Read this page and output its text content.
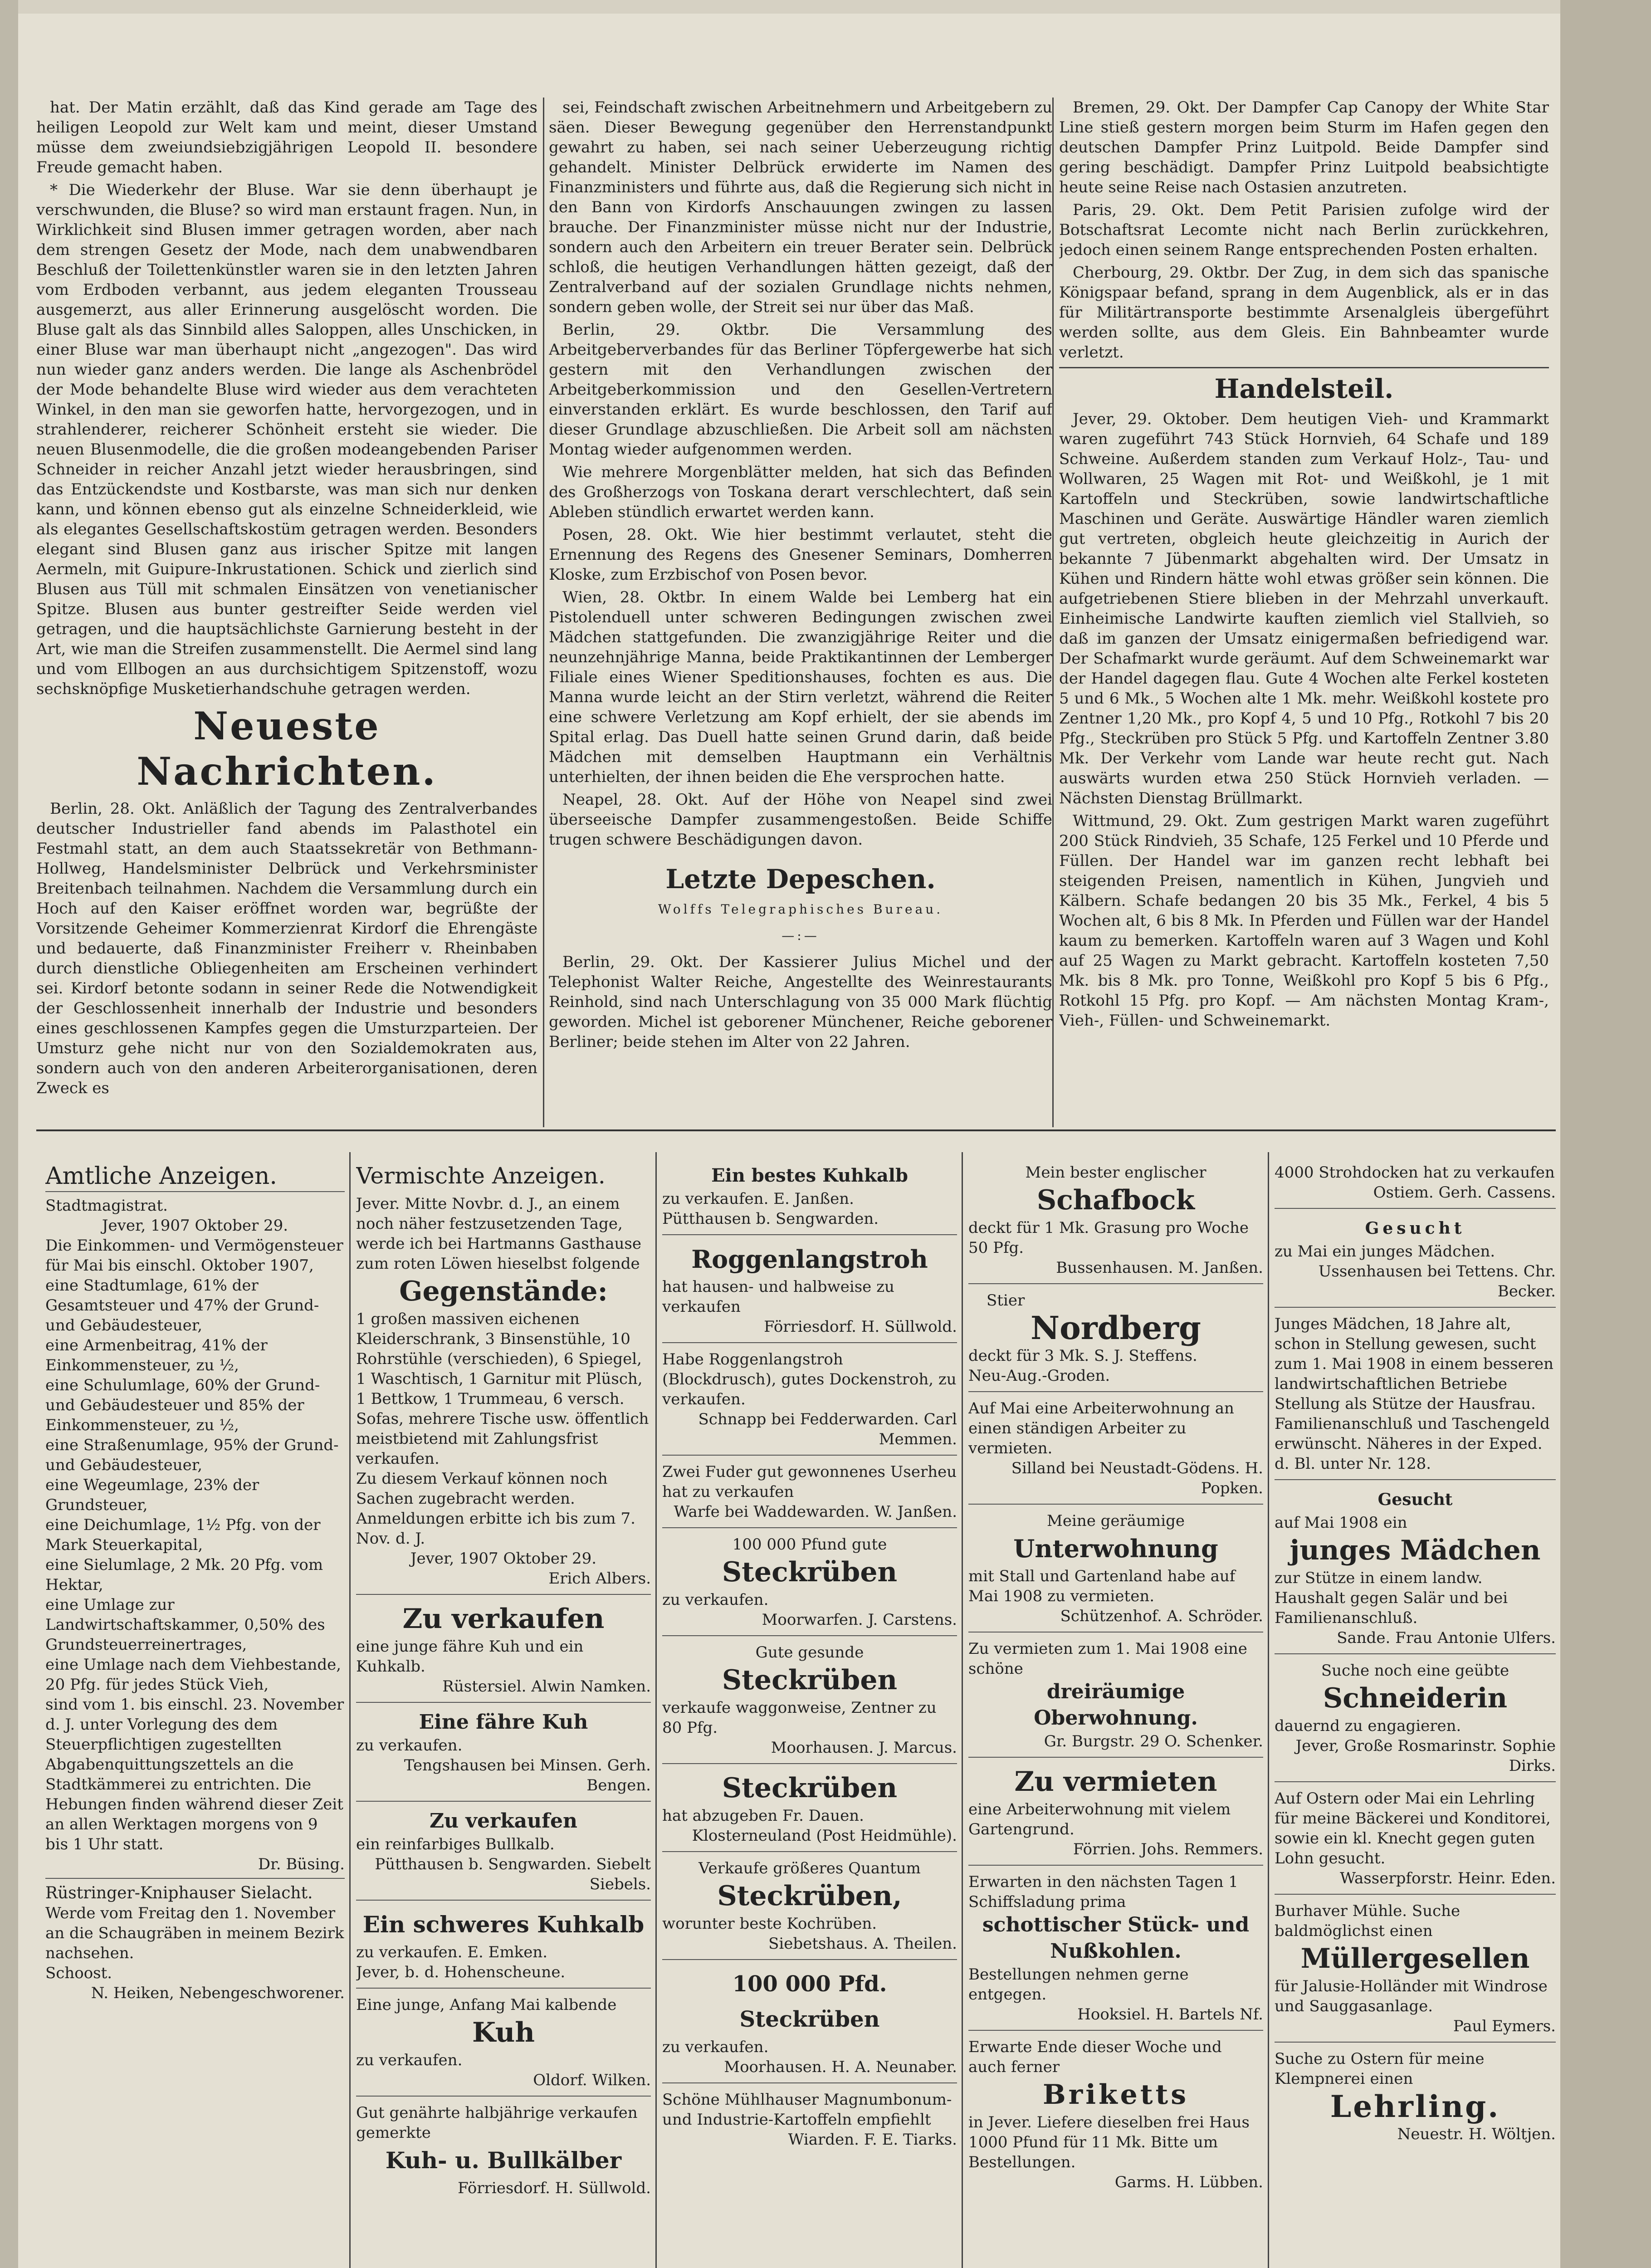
hat. Der Matin erzählt, daß das Kind gerade am Tage des heiligen Leopold zur Welt kam und meint, dieser Umstand müsse dem zweiundsiebzigjährigen Leopold II. besondere Freude gemacht haben.

* Die Wiederkehr der Bluse. War sie denn überhaupt je verschwunden, die Bluse? so wird man erstaunt fragen. Nun, in Wirklichkeit sind Blusen immer getragen worden, aber nach dem strengen Gesetz der Mode, nach dem unabwendbaren Beschluß der Toilettenkünstler waren sie in den letzten Jahren vom Erdboden verbannt, aus jedem eleganten Trousseau ausgemerzt, aus aller Erinnerung ausgelöscht worden. Die Bluse galt als das Sinnbild alles Saloppen, alles Unschicken, in einer Bluse war man überhaupt nicht „angezogen". Das wird nun wieder ganz anders werden. Die lange als Aschenbrödel der Mode behandelte Bluse wird wieder aus dem verachteten Winkel, in den man sie geworfen hatte, hervorgezogen, und in strahlenderer, reicherer Schönheit ersteht sie wieder. Die neuen Blusenmodelle, die die großen modeangebenden Pariser Schneider in reicher Anzahl jetzt wieder herausbringen, sind das Entzückendste und Kostbarste, was man sich nur denken kann, und können ebenso gut als einzelne Schneiderkleid, wie als elegantes Gesellschaftskostüm getragen werden. Besonders elegant sind Blusen ganz aus irischer Spitze mit langen Aermeln, mit Guipure-Inkrustationen. Schick und zierlich sind Blusen aus Tüll mit schmalen Einsätzen von venetianischer Spitze. Blusen aus bunter gestreifter Seide werden viel getragen, und die hauptsächlichste Garnierung besteht in der Art, wie man die Streifen zusammenstellt. Die Aermel sind lang und vom Ellbogen an aus durchsichtigem Spitzenstoff, wozu sechsknöpfige Musketierhandschuhe getragen werden.

Neueste Nachrichten.

Berlin, 28. Okt. Anläßlich der Tagung des Zentralverbandes deutscher Industrieller fand abends im Palasthotel ein Festmahl statt, an dem auch Staatssekretär von Bethmann-Hollweg, Handelsminister Delbrück und Verkehrsminister Breitenbach teilnahmen. Nachdem die Versammlung durch ein Hoch auf den Kaiser eröffnet worden war, begrüßte der Vorsitzende Geheimer Kommerzienrat Kirdorf die Ehrengäste und bedauerte, daß Finanzminister Freiherr v. Rheinbaben durch dienstliche Obliegenheiten am Erscheinen verhindert sei. Kirdorf betonte sodann in seiner Rede die Notwendigkeit der Geschlossenheit innerhalb der Industrie und besonders eines geschlossenen Kampfes gegen die Umsturzparteien. Der Umsturz gehe nicht nur von den Sozialdemokraten aus, sondern auch von den anderen Arbeiterorganisationen, deren Zweck es

sei, Feindschaft zwischen Arbeitnehmern und Arbeitgebern zu säen. Dieser Bewegung gegenüber den Herrenstandpunkt gewahrt zu haben, sei nach seiner Ueberzeugung richtig gehandelt. Minister Delbrück erwiderte im Namen des Finanzministers und führte aus, daß die Regierung sich nicht in den Bann von Kirdorfs Anschauungen zwingen zu lassen brauche. Der Finanzminister müsse nicht nur der Industrie, sondern auch den Arbeitern ein treuer Berater sein. Delbrück schloß, die heutigen Verhandlungen hätten gezeigt, daß der Zentralverband auf der sozialen Grundlage nichts nehmen, sondern geben wolle, der Streit sei nur über das Maß.

Berlin, 29. Oktbr. Die Versammlung des Arbeitgeberverbandes für das Berliner Töpfergewerbe hat sich gestern mit den Verhandlungen zwischen der Arbeitgeberkommission und den Gesellen-Vertretern einverstanden erklärt. Es wurde beschlossen, den Tarif auf dieser Grundlage abzuschließen. Die Arbeit soll am nächsten Montag wieder aufgenommen werden.

Wie mehrere Morgenblätter melden, hat sich das Befinden des Großherzogs von Toskana derart verschlechtert, daß sein Ableben stündlich erwartet werden kann.

Posen, 28. Okt. Wie hier bestimmt verlautet, steht die Ernennung des Regens des Gnesener Seminars, Domherren Kloske, zum Erzbischof von Posen bevor.

Wien, 28. Oktbr. In einem Walde bei Lemberg hat ein Pistolenduell unter schweren Bedingungen zwischen zwei Mädchen stattgefunden. Die zwanzigjährige Reiter und die neunzehnjährige Manna, beide Praktikantinnen der Lemberger Filiale eines Wiener Speditionshauses, fochten es aus. Die Manna wurde leicht an der Stirn verletzt, während die Reiter eine schwere Verletzung am Kopf erhielt, der sie abends im Spital erlag. Das Duell hatte seinen Grund darin, daß beide Mädchen mit demselben Hauptmann ein Verhältnis unterhielten, der ihnen beiden die Ehe versprochen hatte.

Neapel, 28. Okt. Auf der Höhe von Neapel sind zwei überseeische Dampfer zusammengestoßen. Beide Schiffe trugen schwere Beschädigungen davon.

Letzte Depeschen.
Wolffs Telegraphisches Bureau.
—:—

Berlin, 29. Okt. Der Kassierer Julius Michel und der Telephonist Walter Reiche, Angestellte des Weinrestaurants Reinhold, sind nach Unterschlagung von 35 000 Mark flüchtig geworden. Michel ist geborener Münchener, Reiche geborener Berliner; beide stehen im Alter von 22 Jahren.

Bremen, 29. Okt. Der Dampfer Cap Canopy der White Star Line stieß gestern morgen beim Sturm im Hafen gegen den deutschen Dampfer Prinz Luitpold. Beide Dampfer sind gering beschädigt. Dampfer Prinz Luitpold beabsichtigte heute seine Reise nach Ostasien anzutreten.

Paris, 29. Okt. Dem Petit Parisien zufolge wird der Botschaftsrat Lecomte nicht nach Berlin zurückkehren, jedoch einen seinem Range entsprechenden Posten erhalten.

Cherbourg, 29. Oktbr. Der Zug, in dem sich das spanische Königspaar befand, sprang in dem Augenblick, als er in das für Militärtransporte bestimmte Arsenalgleis übergeführt werden sollte, aus dem Gleis. Ein Bahnbeamter wurde verletzt.

Handelsteil.

Jever, 29. Oktober. Dem heutigen Vieh- und Krammarkt waren zugeführt 743 Stück Hornvieh, 64 Schafe und 189 Schweine. Außerdem standen zum Verkauf Holz-, Tau- und Wollwaren, 25 Wagen mit Rot- und Weißkohl, je 1 mit Kartoffeln und Steckrüben, sowie landwirtschaftliche Maschinen und Geräte. Auswärtige Händler waren ziemlich gut vertreten, obgleich heute gleichzeitig in Aurich der bekannte 7 Jübenmarkt abgehalten wird. Der Umsatz in Kühen und Rindern hätte wohl etwas größer sein können. Die aufgetriebenen Stiere blieben in der Mehrzahl unverkauft. Einheimische Landwirte kauften ziemlich viel Stallvieh, so daß im ganzen der Umsatz einigermaßen befriedigend war. Der Schafmarkt wurde geräumt. Auf dem Schweinemarkt war der Handel dagegen flau. Gute 4 Wochen alte Ferkel kosteten 5 und 6 Mk., 5 Wochen alte 1 Mk. mehr. Weißkohl kostete pro Zentner 1,20 Mk., pro Kopf 4, 5 und 10 Pfg., Rotkohl 7 bis 20 Pfg., Steckrüben pro Stück 5 Pfg. und Kartoffeln Zentner 3.80 Mk. Der Verkehr vom Lande war heute recht gut. Nach auswärts wurden etwa 250 Stück Hornvieh verladen. — Nächsten Dienstag Brüllmarkt.

Wittmund, 29. Okt. Zum gestrigen Markt waren zugeführt 200 Stück Rindvieh, 35 Schafe, 125 Ferkel und 10 Pferde und Füllen. Der Handel war im ganzen recht lebhaft bei steigenden Preisen, namentlich in Kühen, Jungvieh und Kälbern. Schafe bedangen 20 bis 35 Mk., Ferkel, 4 bis 5 Wochen alt, 6 bis 8 Mk. In Pferden und Füllen war der Handel kaum zu bemerken. Kartoffeln waren auf 3 Wagen und Kohl auf 25 Wagen zu Markt gebracht. Kartoffeln kosteten 7,50 Mk. bis 8 Mk. pro Tonne, Weißkohl pro Kopf 5 bis 6 Pfg., Rotkohl 15 Pfg. pro Kopf. — Am nächsten Montag Kram-, Vieh-, Füllen- und Schweinemarkt.

Amtliche Anzeigen.
Stadtmagistrat.
Jever, 1907 Oktober 29.
Die Einkommen- und Vermögensteuer für Mai bis einschl. Oktober 1907,
eine Stadtumlage, 61% der Gesamtsteuer und 47% der Grund- und Gebäudesteuer,
eine Armenbeitrag, 41% der Einkommensteuer, zu ½,
eine Schulumlage, 60% der Grund- und Gebäudesteuer und 85% der Einkommensteuer, zu ½,
eine Straßenumlage, 95% der Grund- und Gebäudesteuer,
eine Wegeumlage, 23% der Grundsteuer,
eine Deichumlage, 1½ Pfg. von der Mark Steuerkapital,
eine Sielumlage, 2 Mk. 20 Pfg. vom Hektar,
eine Umlage zur Landwirtschaftskammer, 0,50% des Grundsteuerreinertrages,
eine Umlage nach dem Viehbestande, 20 Pfg. für jedes Stück Vieh,
sind vom 1. bis einschl. 23. November d. J. unter Vorlegung des dem Steuerpflichtigen zugestellten Abgabenquittungszettels an die Stadtkämmerei zu entrichten. Die Hebungen finden während dieser Zeit an allen Werktagen morgens von 9 bis 1 Uhr statt.
Dr. Büsing.
Rüstringer-Kniphauser Sielacht.
Werde vom Freitag den 1. November an die Schaugräben in meinem Bezirk nachsehen.
Schoost.
N. Heiken, Nebengeschworener.
Vermischte Anzeigen.
Jever. Mitte Novbr. d. J., an einem noch näher festzusetzenden Tage, werde ich bei Hartmanns Gasthause zum roten Löwen hieselbst folgende
Gegenstände:
1 großen massiven eichenen Kleiderschrank, 3 Binsenstühle, 10 Rohrstühle (verschieden), 6 Spiegel, 1 Waschtisch, 1 Garnitur mit Plüsch, 1 Bettkow, 1 Trummeau, 6 versch. Sofas, mehrere Tische usw. öffentlich meistbietend mit Zahlungsfrist verkaufen.
Zu diesem Verkauf können noch Sachen zugebracht werden. Anmeldungen erbitte ich bis zum 7. Nov. d. J.
Jever, 1907 Oktober 29.
Erich Albers.
Zu verkaufen
eine junge fähre Kuh und ein Kuhkalb.
Rüstersiel. Alwin Namken.
Eine fähre Kuh
zu verkaufen.
Tengshausen bei Minsen. Gerh. Bengen.
Zu verkaufen
ein reinfarbiges Bullkalb.
Pütthausen b. Sengwarden. Siebelt Siebels.
Ein schweres Kuhkalb
zu verkaufen. E. Emken.
Jever, b. d. Hohenscheune.
Eine junge, Anfang Mai kalbende
Kuh
zu verkaufen.
Oldorf. Wilken.
Gut genährte halbjährige verkaufen gemerkte
Kuh- u. Bullkälber
Förriesdorf. H. Süllwold.
Ein bestes Kuhkalb
zu verkaufen. E. Janßen.
Pütthausen b. Sengwarden.
Roggenlangstroh
hat hausen- und halbweise zu verkaufen
Förriesdorf. H. Süllwold.
Habe Roggenlangstroh (Blockdrusch), gutes Dockenstroh, zu verkaufen.
Schnapp bei Fedderwarden. Carl Memmen.
Zwei Fuder gut gewonnenes Userheu hat zu verkaufen
Warfe bei Waddewarden. W. Janßen.
100 000 Pfund gute
Steckrüben
zu verkaufen.
Moorwarfen. J. Carstens.
Gute gesunde
Steckrüben
verkaufe waggonweise, Zentner zu 80 Pfg.
Moorhausen. J. Marcus.
Steckrüben
hat abzugeben Fr. Dauen.
Klosterneuland (Post Heidmühle).
Verkaufe größeres Quantum
Steckrüben,
worunter beste Kochrüben.
Siebetshaus. A. Theilen.
100 000 Pfd. Steckrüben
zu verkaufen.
Moorhausen. H. A. Neunaber.
Schöne Mühlhauser Magnumbonum- und Industrie-Kartoffeln empfiehlt
Wiarden. F. E. Tiarks.
Mein bester englischer
Schafbock
deckt für 1 Mk. Grasung pro Woche 50 Pfg.
Bussenhausen. M. Janßen.
Stier
Nordberg
deckt für 3 Mk. S. J. Steffens.
Neu-Aug.-Groden.
Auf Mai eine Arbeiterwohnung an einen ständigen Arbeiter zu vermieten.
Silland bei Neustadt-Gödens. H. Popken.
Meine geräumige
Unterwohnung
mit Stall und Gartenland habe auf Mai 1908 zu vermieten.
Schützenhof. A. Schröder.
Zu vermieten zum 1. Mai 1908 eine schöne
dreiräumige Oberwohnung.
Gr. Burgstr. 29 O. Schenker.
Zu vermieten
eine Arbeiterwohnung mit vielem Gartengrund.
Förrien. Johs. Remmers.
Erwarten in den nächsten Tagen 1 Schiffsladung prima
schottischer Stück- und Nußkohlen.
Bestellungen nehmen gerne entgegen.
Hooksiel. H. Bartels Nf.
Erwarte Ende dieser Woche und auch ferner
Briketts
in Jever. Liefere dieselben frei Haus 1000 Pfund für 11 Mk. Bitte um Bestellungen.
Garms. H. Lübben.
4000 Strohdocken hat zu verkaufen
Ostiem. Gerh. Cassens.
Gesucht
zu Mai ein junges Mädchen.
Ussenhausen bei Tettens. Chr. Becker.
Junges Mädchen, 18 Jahre alt, schon in Stellung gewesen, sucht zum 1. Mai 1908 in einem besseren landwirtschaftlichen Betriebe Stellung als Stütze der Hausfrau. Familienanschluß und Taschengeld erwünscht. Näheres in der Exped. d. Bl. unter Nr. 128.
Gesucht
auf Mai 1908 ein
junges Mädchen
zur Stütze in einem landw. Haushalt gegen Salär und bei Familienanschluß.
Sande. Frau Antonie Ulfers.
Suche noch eine geübte
Schneiderin
dauernd zu engagieren.
Jever, Große Rosmarinstr. Sophie Dirks.
Auf Ostern oder Mai ein Lehrling für meine Bäckerei und Konditorei, sowie ein kl. Knecht gegen guten Lohn gesucht.
Wasserpforstr. Heinr. Eden.
Burhaver Mühle. Suche baldmöglichst einen
Müllergesellen
für Jalusie-Holländer mit Windrose und Sauggasanlage.
Paul Eymers.
Suche zu Ostern für meine Klempnerei einen
Lehrling.
Neuestr. H. Wöltjen.
